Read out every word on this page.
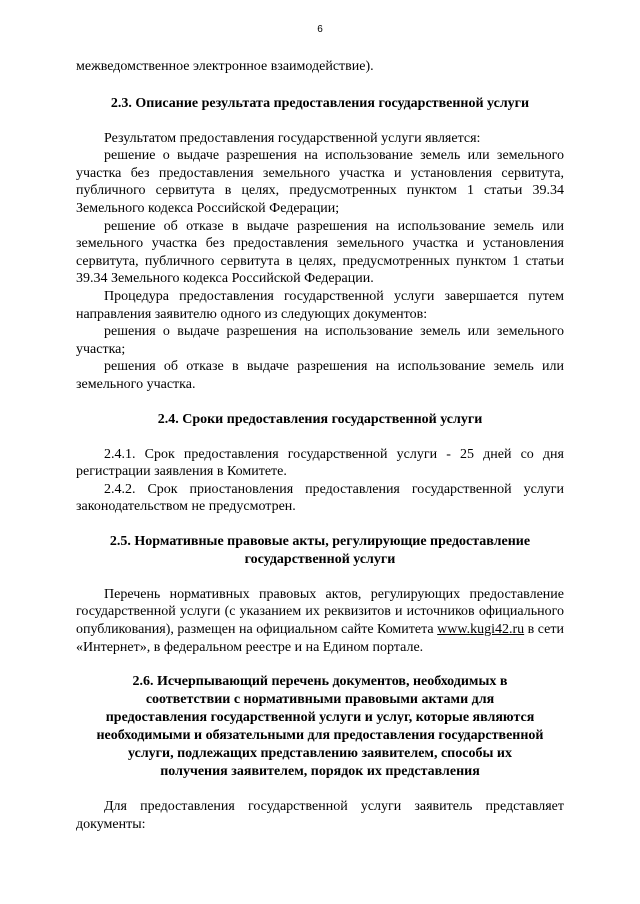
6

межведомственное электронное взаимодействие).

2.3. Описание результата предоставления государственной услуги

Результатом предоставления государственной услуги является:

решение о выдаче разрешения на использование земель или земельного участка без предоставления земельного участка и установления сервитута, публичного сервитута в целях, предусмотренных пунктом 1 статьи 39.34 Земельного кодекса Российской Федерации;

решение об отказе в выдаче разрешения на использование земель или земельного участка без предоставления земельного участка и установления сервитута, публичного сервитута в целях, предусмотренных пунктом 1 статьи 39.34 Земельного кодекса Российской Федерации.

Процедура предоставления государственной услуги завершается путем направления заявителю одного из следующих документов:

решения о выдаче разрешения на использование земель или земельного участка;

решения об отказе в выдаче разрешения на использование земель или земельного участка.

2.4. Сроки предоставления государственной услуги

2.4.1. Срок предоставления государственной услуги - 25 дней со дня регистрации заявления в Комитете.

2.4.2. Срок приостановления предоставления государственной услуги законодательством не предусмотрен.

2.5. Нормативные правовые акты, регулирующие предоставление
государственной услуги

Перечень нормативных правовых актов, регулирующих предоставление государственной услуги (с указанием их реквизитов и источников официального опубликования), размещен на официальном сайте Комитета www.kugi42.ru в сети «Интернет», в федеральном реестре и на Едином портале.

2.6. Исчерпывающий перечень документов, необходимых в
соответствии с нормативными правовыми актами для
предоставления государственной услуги и услуг, которые являются
необходимыми и обязательными для предоставления государственной
услуги, подлежащих представлению заявителем, способы их
получения заявителем, порядок их представления

Для предоставления государственной услуги заявитель представляет документы:
